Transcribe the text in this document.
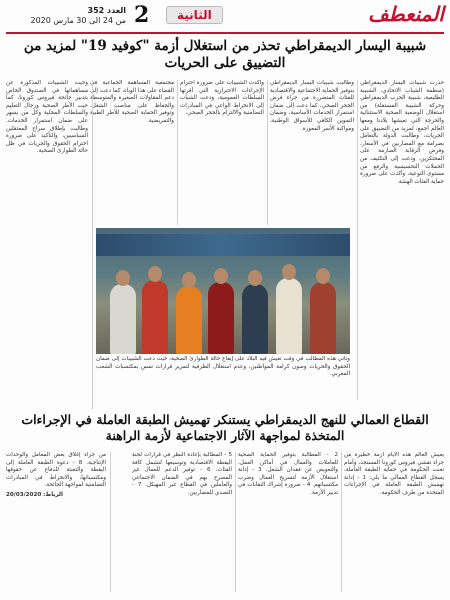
العدد 352
من 24 الى 30 مارس 2020 2	الثانية	المنعطف
شبيبة اليسار الديمقراطي تحذر من استغلال أزمة "كوفيد 19" لمزيد من التضييق على الحريات

حذرت شبيبات اليسار الديمقراطي (منظمة الشباب الاتحادي، الشبيبة الطليعية، شبيبة الحزب الديمقراطي وحركة الشبيبة المستقلة) من استغلال الوضعية الصحية الاستثنائية والحرجة التي تعيشها بلادنا ومعها العالم أجمع، لمزيد من التضييق على الحريات، وطالبت الدولة بالتعامل بصرامة مع المضاربين في الأسعار، وفرض الرقابة الصارمة على المحتكرين. ودعت إلى التكثيف من الحملات التحسيسية والرفع من مستوى التوعية، وأكدت على ضرورة حماية الفئات الهشة.

وطالبت شبيبات اليسار الديمقراطي بتوفير الحماية الاجتماعية والاقتصادية للفئات المتضررة من جراء فرض الحجر الصحي، كما دعت إلى ضمان استمرار الخدمات الأساسية، وضمان التموين الكافي للأسواق الوطنية، ومواكبة الأسر المعوزة.

وأكدت الشبيبات على ضرورة احترام الإجراءات الاحترازية التي أقرتها السلطات العمومية، ودعت الشباب إلى الانخراط الواعي في المبادرات التضامنية والالتزام بالحجر الصحي.

مجتمعية المساهمة الجماعية في القضاء على هذا الوباء، كما دعت إلى دعم المقاولات الصغيرة والمتوسطة والحفاظ على مناصب الشغل، وتوفير الحماية الصحية للأطر الطبية والتمريضية.

وحيت الشبيبات المذكورة عن مساهماتها في الصندوق الخاص بتدبير جائحة فيروس كورونا، كما حيت الأطر الصحية ورجال التعليم والسلطات المحلية وكل من يسهر على ضمان استمرار الخدمات. وطالبت بإطلاق سراح المعتقلين السياسيين، والتأكيد على ضرورة احترام الحقوق والحريات في ظل حالة الطوارئ الصحية.

وتأتي هذه المطالب في وقت تعيش فيه البلاد على إيقاع حالة الطوارئ الصحية، حيث دعت الشبيبات إلى ضمان الحقوق والحريات وصون كرامة المواطنين، وعدم استغلال الظرفية لتمرير قرارات تمس بمكتسبات الشعب المغربي.
القطاع العمالي للنهج الديمقراطي يستنكر تهميش الطبقة العاملة في الإجراءات المتخذة لمواجهة الآثار الاجتماعية لأزمة الراهنة

يعيش العالم هذه الأيام أزمة خطيرة من جراء تفشي فيروس كورونا المستجد، وأمام تعنت الحكومة في حماية الطبقة العاملة، يسجل القطاع العمالي ما يلي: 1 - إدانة تهميش الطبقة العاملة في الإجراءات المتخذة من طرف الحكومة.

2 - المطالبة بتوفير الحماية الصحية للعاملات والعمال في أماكن العمل، والتعويض عن فقدان الشغل. 3 - إدانة استغلال الأزمة لتسريح العمال وضرب مكتسباتهم. 4 - ضرورة إشراك النقابات في تدبير الأزمة.

5 - المطالبة بإعادة النظر في قرارات لجنة اليقظة الاقتصادية وتوسيعها لتشمل كافة الفئات. 6 - توفير الدعم للعمال غير المصرح بهم في الضمان الاجتماعي والعاملين في القطاع غير المهيكل. 7 - التصدي للمضاربين.

من جراء إغلاق بعض المعامل والوحدات الإنتاجية. 8 - دعوة الطبقة العاملة إلى اليقظة والتعبئة للدفاع عن حقوقها ومكتسباتها، والانخراط في المبادرات التضامنية لمواجهة الجائحة.

الرباط: 20/03/2020
